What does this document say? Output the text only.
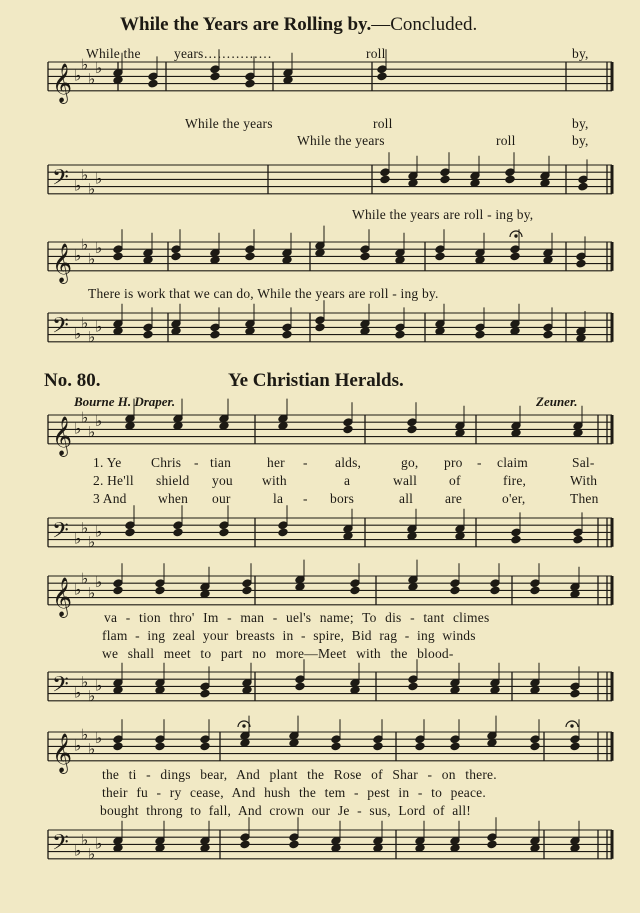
While the Years are Rolling by.—Concluded.
𝄞 ♭
♭
♭
♭
𝄢 ♭
♭
♭
♭
𝄞 ♭
♭
♭
♭
𝄢 ♭
♭
♭
♭
𝄞 ♭
♭
♭
♭
𝄢 ♭
♭
♭
♭
𝄞 ♭
♭
♭
♭
𝄢 ♭
♭
♭
♭
𝄞 ♭
♭
♭
♭
𝄢 ♭
♭
♭
♭
While the years……………	roll	by,
While the years	roll	by,
While the years	roll	by,
While the years are roll - ing by,
There is work that we can do, While the years are roll - ing by.
No. 80.	Ye Christian Heralds.
Bourne H. Draper.	Zeuner.
1. Ye Chris - tian	her - alds,	go, pro - claim	Sal-
2. He'll shield you with	a	wall of	fire,	With
3 And when our	la - bors	all are	o'er,	Then
va - tion thro' Im - man - uel's name; To dis - tant climes
flam - ing zeal your breasts in - spire, Bid rag - ing winds
we shall meet to part no more—Meet with the blood-
the ti - dings bear, And plant the Rose of Shar - on there.
their fu - ry cease, And hush the tem - pest in - to peace.
bought throng to fall, And crown our Je - sus, Lord of all!
